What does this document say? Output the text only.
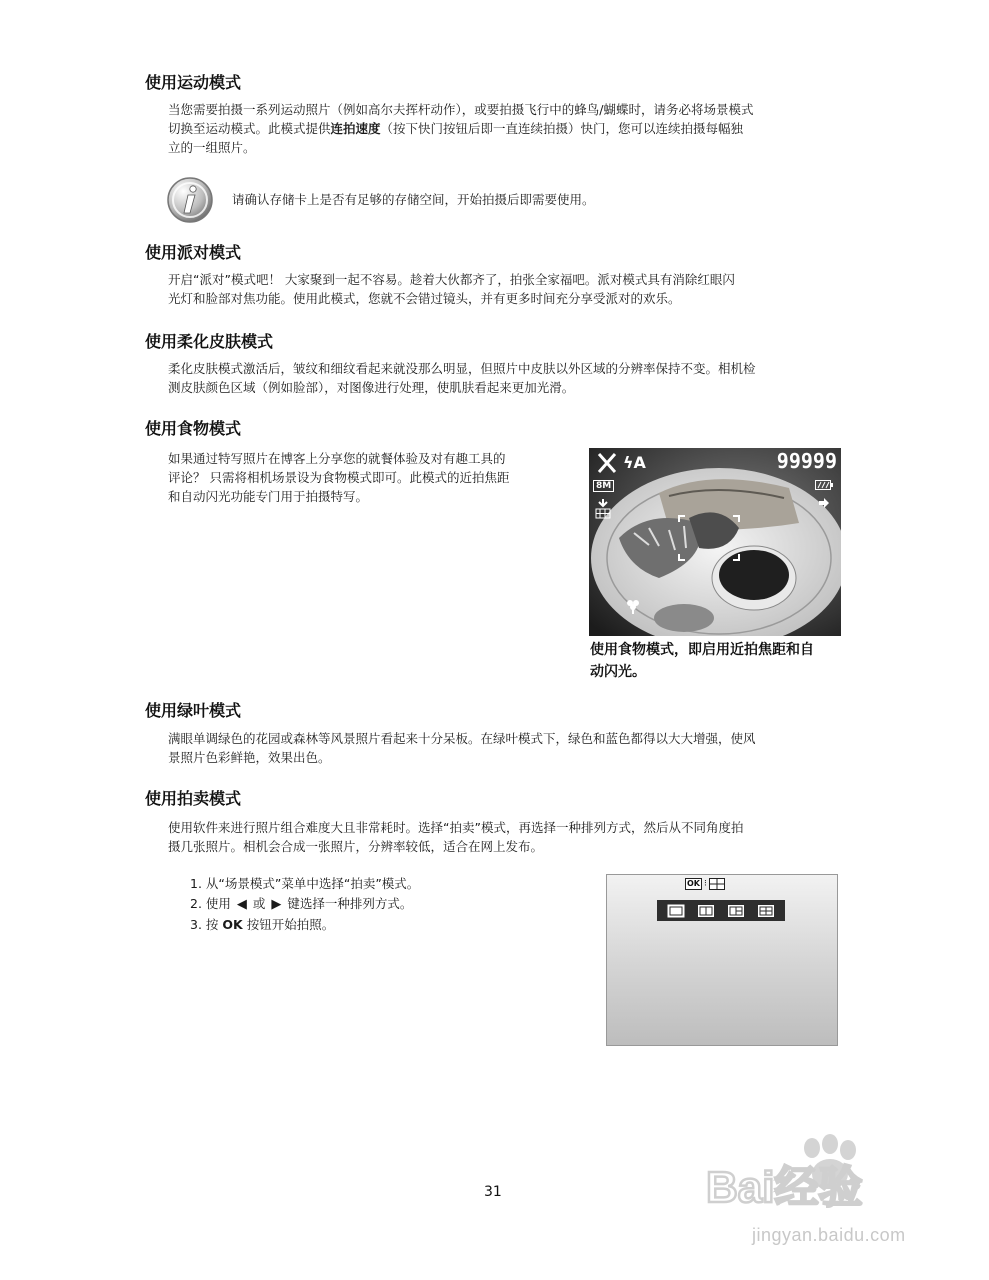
使用运动模式
当您需要拍摄一系列运动照片（例如高尔夫挥杆动作），或要拍摄飞行中的蜂鸟/蝴蝶时，请务必将场景模式
切换至运动模式。此模式提供连拍速度（按下快门按钮后即一直连续拍摄）快门，您可以连续拍摄每幅独
立的一组照片。
请确认存储卡上是否有足够的存储空间，开始拍摄后即需要使用。
使用派对模式
开启“派对”模式吧！ 大家聚到一起不容易。趁着大伙都齐了，拍张全家福吧。派对模式具有消除红眼闪
光灯和脸部对焦功能。使用此模式，您就不会错过镜头，并有更多时间充分享受派对的欢乐。
使用柔化皮肤模式
柔化皮肤模式激活后，皱纹和细纹看起来就没那么明显，但照片中皮肤以外区域的分辨率保持不变。相机检
测皮肤颜色区域（例如脸部），对图像进行处理，使肌肤看起来更加光滑。
使用食物模式
如果通过特写照片在博客上分享您的就餐体验及对有趣工具的
评论？ 只需将相机场景设为食物模式即可。此模式的近拍焦距
和自动闪光功能专门用于拍摄特写。
ϟA	99999
8M
使用食物模式，即启用近拍焦距和自
动闪光。
使用绿叶模式
满眼单调绿色的花园或森林等风景照片看起来十分呆板。在绿叶模式下，绿色和蓝色都得以大大增强，使风
景照片色彩鲜艳，效果出色。
使用拍卖模式
使用软件来进行照片组合难度大且非常耗时。选择“拍卖”模式，再选择一种排列方式，然后从不同角度拍
摄几张照片。相机会合成一张照片，分辨率较低，适合在网上发布。
1. 从“场景模式”菜单中选择“拍卖”模式。
2. 使用 ◀ 或 ▶ 键选择一种排列方式。
3. 按 OK 按钮开始拍照。
OK ⁝
31	Bai经验
jingyan.baidu.com
